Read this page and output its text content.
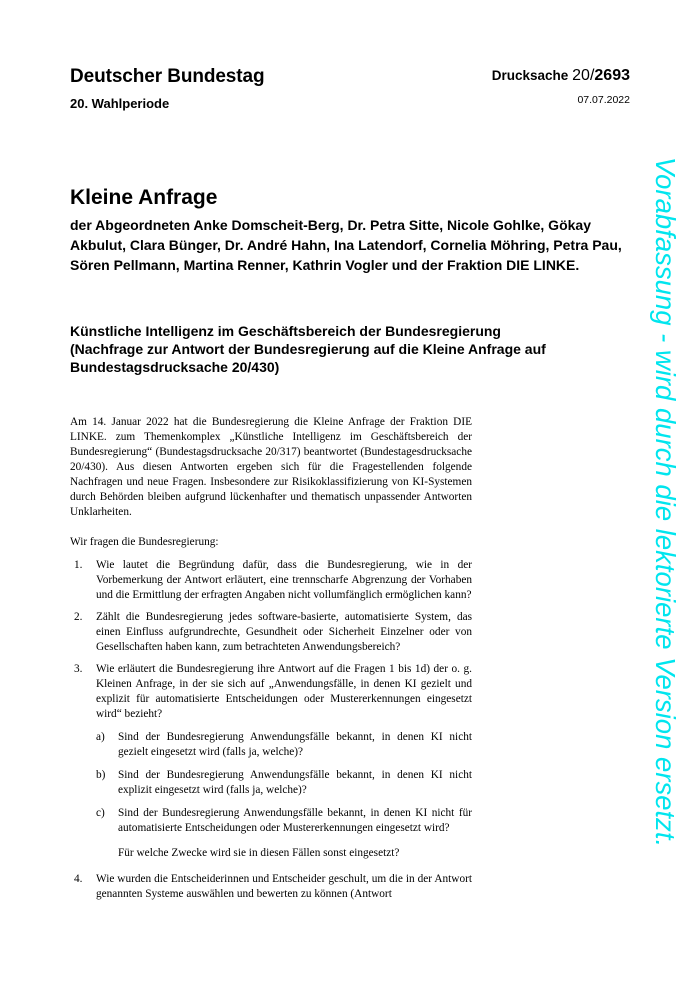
Deutscher Bundestag
20. Wahlperiode
Drucksache 20/2693
07.07.2022
Kleine Anfrage
der Abgeordneten Anke Domscheit-Berg, Dr. Petra Sitte, Nicole Gohlke, Gökay Akbulut, Clara Bünger, Dr. André Hahn, Ina Latendorf, Cornelia Möhring, Petra Pau, Sören Pellmann, Martina Renner, Kathrin Vogler und der Fraktion DIE LINKE.
Künstliche Intelligenz im Geschäftsbereich der Bundesregierung
(Nachfrage zur Antwort der Bundesregierung auf die Kleine Anfrage auf Bundestagsdrucksache 20/430)

Am 14. Januar 2022 hat die Bundesregierung die Kleine Anfrage der Fraktion DIE LINKE. zum Themenkomplex „Künstliche Intelligenz im Geschäftsbereich der Bundesregierung“ (Bundestagsdrucksache 20/317) beantwortet (Bundestagesdrucksache 20/430). Aus diesen Antworten ergeben sich für die Fragestellenden folgende Nachfragen und neue Fragen. Insbesondere zur Risikoklassifizierung von KI-Systemen durch Behörden bleiben aufgrund lückenhafter und thematisch unpassender Antworten Unklarheiten.

Wir fragen die Bundesregierung:

1.	Wie lautet die Begründung dafür, dass die Bundesregierung, wie in der Vorbemerkung der Antwort erläutert, eine trennscharfe Abgrenzung der Vorhaben und die Ermittlung der erfragten Angaben nicht vollumfänglich ermöglichen kann?
2.	Zählt die Bundesregierung jedes software-basierte, automatisierte System, das einen Einfluss aufgrundrechte, Gesundheit oder Sicherheit Einzelner oder von Gesellschaften haben kann, zum betrachteten Anwendungsbereich?
3.	Wie erläutert die Bundesregierung ihre Antwort auf die Fragen 1 bis 1d) der o. g. Kleinen Anfrage, in der sie sich auf „Anwendungsfälle, in denen KI gezielt und explizit für automatisierte Entscheidungen oder Mustererkennungen eingesetzt wird“ bezieht?
a)	Sind der Bundesregierung Anwendungsfälle bekannt, in denen KI nicht gezielt eingesetzt wird (falls ja, welche)?
b)	Sind der Bundesregierung Anwendungsfälle bekannt, in denen KI nicht explizit eingesetzt wird (falls ja, welche)?
c)	Sind der Bundesregierung Anwendungsfälle bekannt, in denen KI nicht für automatisierte Entscheidungen oder Mustererkennungen eingesetzt wird?
Für welche Zwecke wird sie in diesen Fällen sonst eingesetzt?
4.	Wie wurden die Entscheiderinnen und Entscheider geschult, um die in der Antwort genannten Systeme auswählen und bewerten zu können (Antwort
Vorabfassung - wird durch die lektorierte Version ersetzt.
